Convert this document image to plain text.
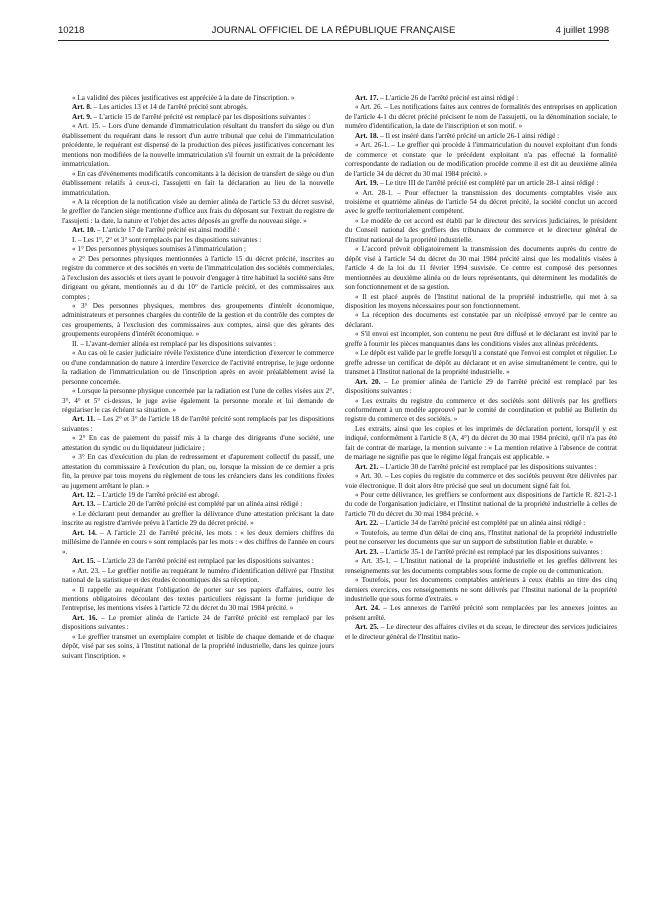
10218	JOURNAL OFFICIEL DE LA RÉPUBLIQUE FRANÇAISE	4 juillet 1998

« La validité des pièces justificatives est appréciée à la date de l'inscription. »

Art. 8. – Les articles 13 et 14 de l'arrêté précité sont abrogés.

Art. 9. – L'article 15 de l'arrêté précité est remplacé par les dispositions suivantes :

« Art. 15. – Lors d'une demande d'immatriculation résultant du transfert du siège ou d'un établissement du requérant dans le ressort d'un autre tribunal que celui de l'immatriculation précédente, le requérant est dispensé de la production des pièces justificatives concernant les mentions non modifiées de la nouvelle immatriculation s'il fournit un extrait de la précédente immatriculation.

« En cas d'événements modificatifs concomitants à la décision de transfert de siège ou d'un établissement relatifs à ceux-ci, l'assujetti en fait la déclaration au lieu de la nouvelle immatriculation.

« A la réception de la notification visée au dernier alinéa de l'article 53 du décret susvisé, le greffier de l'ancien siège mentionne d'office aux frais du déposant sur l'extrait du registre de l'assujetti : la date, la nature et l'objet des actes déposés au greffe du nouveau siège. »

Art. 10. – L'article 17 de l'arrêté précité est ainsi modifié :

I. – Les 1°, 2° et 3° sont remplacés par les dispositions suivantes :

« 1° Des personnes physiques soumises à l'immatriculation ;

« 2° Des personnes physiques mentionnées à l'article 15 du décret précité, inscrites au registre du commerce et des sociétés en vertu de l'immatriculation des sociétés commerciales, à l'exclusion des associés et tiers ayant le pouvoir d'engager à titre habituel la société sans être dirigeant ou gérant, mentionnés au d du 10° de l'article précité, et des commissaires aux comptes ;

« 3° Des personnes physiques, membres des groupements d'intérêt économique, administrateurs et personnes chargées du contrôle de la gestion et du contrôle des comptes de ces groupements, à l'exclusion des commissaires aux comptes, ainsi que des gérants des groupements européens d'intérêt économique. »

II. – L'avant-dernier alinéa est remplacé par les dispositions suivantes :

« Au cas où le casier judiciaire révèle l'existence d'une interdiction d'exercer le commerce ou d'une condamnation de nature à interdire l'exercice de l'activité entreprise, le juge ordonne la radiation de l'immatriculation ou de l'inscription après en avoir préalablement avisé la personne concernée.

« Lorsque la personne physique concernée par la radiation est l'une de celles visées aux 2°, 3°, 4° et 5° ci-dessus, le juge avise également la personne morale et lui demande de régulariser le cas échéant sa situation. »

Art. 11. – Les 2° et 3° de l'article 18 de l'arrêté précité sont remplacés par les dispositions suivantes :

« 2° En cas de paiement du passif mis à la charge des dirigeants d'une société, une attestation du syndic ou du liquidateur judiciaire ;

« 3° En cas d'exécution du plan de redressement et d'apurement collectif du passif, une attestation du commissaire à l'exécution du plan, ou, lorsque la mission de ce dernier a pris fin, la preuve par tous moyens du règlement de tous les créanciers dans les conditions fixées au jugement arrêtant le plan. »

Art. 12. – L'article 19 de l'arrêté précité est abrogé.

Art. 13. – L'article 20 de l'arrêté précité est complété par un alinéa ainsi rédigé :

« Le déclarant peut demander au greffier la délivrance d'une attestation précisant la date inscrite au registre d'arrivée prévu à l'article 29 du décret précité. »

Art. 14. – A l'article 21 de l'arrêté précité, les mots : « les deux derniers chiffres du millésime de l'année en cours » sont remplacés par les mots : « des chiffres de l'année en cours ».

Art. 15. – L'article 23 de l'arrêté précité est remplacé par les dispositions suivantes :

« Art. 23. – Le greffier notifie au requérant le numéro d'identification délivré par l'Institut national de la statistique et des études économiques dès sa réception.

« Il rappelle au requérant l'obligation de porter sur ses papiers d'affaires, outre les mentions obligatoires découlant des textes particuliers régissant la forme juridique de l'entreprise, les mentions visées à l'article 72 du décret du 30 mai 1984 précité. »

Art. 16. – Le premier alinéa de l'article 24 de l'arrêté précité est remplacé par les dispositions suivantes :

« Le greffier transmet un exemplaire complet et lisible de chaque demande et de chaque dépôt, visé par ses soins, à l'Institut national de la propriété industrielle, dans les quinze jours suivant l'inscription. »

Art. 17. – L'article 26 de l'arrêté précité est ainsi rédigé :

« Art. 26. – Les notifications faites aux centres de formalités des entreprises en application de l'article 4-1 du décret précité précisent le nom de l'assujetti, ou la dénomination sociale, le numéro d'identification, la date de l'inscription et son motif. »

Art. 18. – Il est inséré dans l'arrêté précité un article 26-1 ainsi rédigé :

« Art. 26-1. – Le greffier qui procède à l'immatriculation du nouvel exploitant d'un fonds de commerce et constate que le précédent exploitant n'a pas effectué la formalité correspondante de radiation ou de modification procède comme il est dit au deuxième alinéa de l'article 34 du décret du 30 mai 1984 précité. »

Art. 19. – Le titre III de l'arrêté précité est complété par un article 28-1 ainsi rédigé :

« Art. 28-1. – Pour effectuer la transmission des documents comptables visée aux troisième et quatrième alinéas de l'article 54 du décret précité, la société conclut un accord avec le greffe territorialement compétent.

« Le modèle de cet accord est établi par le directeur des services judiciaires, le président du Conseil national des greffiers des tribunaux de commerce et le directeur général de l'Institut national de la propriété industrielle.

« L'accord prévoit obligatoirement la transmission des documents auprès du centre de dépôt visé à l'article 54 du décret du 30 mai 1984 précité ainsi que les modalités visées à l'article 4 de la loi du 11 février 1994 susvisée. Ce centre est composé des personnes mentionnées au deuxième alinéa ou de leurs représentants, qui déterminent les modalités de son fonctionnement et de sa gestion.

« Il est placé auprès de l'Institut national de la propriété industrielle, qui met à sa disposition les moyens nécessaires pour son fonctionnement.

« La réception des documents est constatée par un récépissé envoyé par le centre au déclarant.

« S'il envoi est incomplet, son contenu ne peut être diffusé et le déclarant est invité par le greffe à fournir les pièces manquantes dans les conditions visées aux alinéas précédents.

« Le dépôt est valide par le greffe lorsqu'il a constaté que l'envoi est complet et régulier. Le greffe adresse un certificat de dépôt au déclarant et en avise simultanément le centre, qui le transmet à l'Institut national de la propriété industrielle. »

Art. 20. – Le premier alinéa de l'article 29 de l'arrêté précité est remplacé par les dispositions suivantes :

« Les extraits du registre du commerce et des sociétés sont délivrés par les greffiers conformément à un modèle approuvé par le comité de coordination et publié au Bulletin du registre du commerce et des sociétés. »

Les extraits, ainsi que les copies et les imprimés de déclaration portent, lorsqu'il y est indiqué, conformément à l'article 8 (A, 4°) du décret du 30 mai 1984 précité, qu'il n'a pas été fait de contrat de mariage, la mention suivante : « La mention relative à l'absence de contrat de mariage ne signifie pas que le régime légal français est applicable. »

Art. 21. – L'article 30 de l'arrêté précité est remplacé par les dispositions suivantes :

« Art. 30. – Les copies du registre du commerce et des sociétés peuvent être délivrées par voie électronique. Il doit alors être précisé que seul un document signé fait foi.

« Pour cette délivrance, les greffiers se conforment aux dispositions de l'article R. 821-2-1 du code de l'organisation judiciaire, et l'Institut national de la propriété industrielle à celles de l'article 70 du décret du 30 mai 1984 précité. »

Art. 22. – L'article 34 de l'arrêté précité est complété par un alinéa ainsi rédigé :

« Toutefois, au terme d'un délai de cinq ans, l'Institut national de la propriété industrielle peut ne conserver les documents que sur un support de substitution fiable et durable. »

Art. 23. – L'article 35-1 de l'arrêté précité est remplacé par les dispositions suivantes :

« Art. 35-1. – L'Institut national de la propriété industrielle et les greffes délivrent les renseignements sur les documents comptables sous forme de copie ou de communication.

« Toutefois, pour les documents comptables antérieurs à ceux établis au titre des cinq derniers exercices, ces renseignements ne sont délivrés par l'Institut national de la propriété industrielle que sous forme d'extraits. »

Art. 24. – Les annexes de l'arrêté précité sont remplacées par les annexes jointes au présent arrêté.

Art. 25. – Le directeur des affaires civiles et du sceau, le directeur des services judiciaires et le directeur général de l'Institut natio-
